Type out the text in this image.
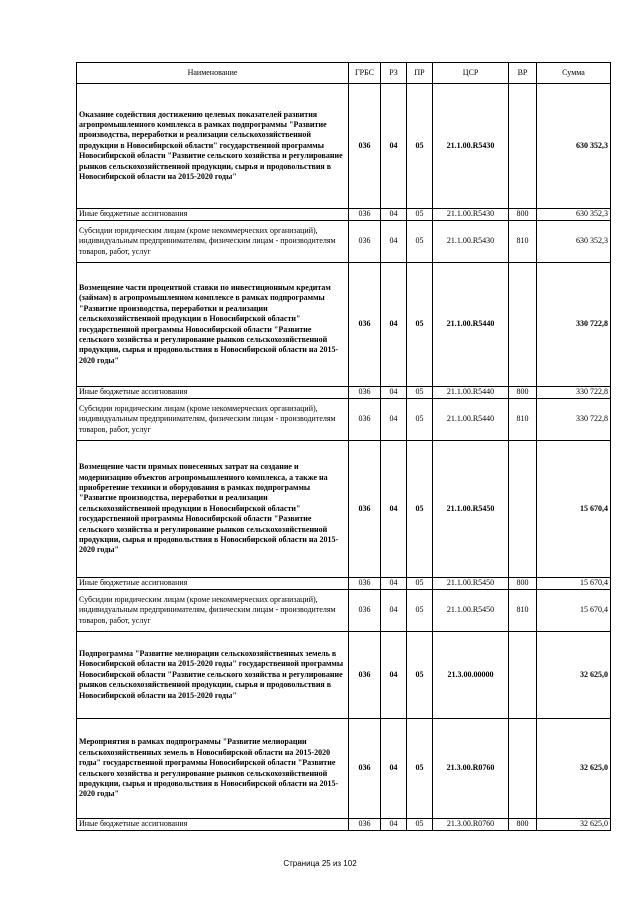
Наименование	ГРБС	РЗ	ПР	ЦСР	ВР	Сумма
Оказание содействия достижению целевых показателей развития агропромышленного комплекса в рамках подпрограммы "Развитие производства, переработки и реализации сельскохозяйственной продукции в Новосибирской области" государственной программы Новосибирской области "Развитие сельского хозяйства и регулирование рынков сельскохозяйственной продукции, сырья и продовольствия в Новосибирской области на 2015-2020 годы"	036	04	05	21.1.00.R5430		630 352,3
Иные бюджетные ассигнования	036	04	05	21.1.00.R5430	800	630 352,3
Субсидии юридическим лицам (кроме некоммерческих организаций), индивидуальным предпринимателям, физическим лицам - производителям товаров, работ, услуг	036	04	05	21.1.00.R5430	810	630 352,3
Возмещение части процентной ставки по инвестиционным кредитам (займам) в агропромышленном комплексе в рамках подпрограммы "Развитие производства, переработки и реализации сельскохозяйственной продукции в Новосибирской области" государственной программы Новосибирской области "Развитие сельского хозяйства и регулирование рынков сельскохозяйственной продукции, сырья и продовольствия в Новосибирской области на 2015-2020 годы"	036	04	05	21.1.00.R5440		330 722,8
Иные бюджетные ассигнования	036	04	05	21.1.00.R5440	800	330 722,8
Субсидии юридическим лицам (кроме некоммерческих организаций), индивидуальным предпринимателям, физическим лицам - производителям товаров, работ, услуг	036	04	05	21.1.00.R5440	810	330 722,8
Возмещение части прямых понесенных затрат на создание и модернизацию объектов агропромышленного комплекса, а также на приобретение техники и оборудования в рамках подпрограммы "Развитие производства, переработки и реализации сельскохозяйственной продукции в Новосибирской области" государственной программы Новосибирской области "Развитие сельского хозяйства и регулирование рынков сельскохозяйственной продукции, сырья и продовольствия в Новосибирской области на 2015-2020 годы"	036	04	05	21.1.00.R5450		15 670,4
Иные бюджетные ассигнования	036	04	05	21.1.00.R5450	800	15 670,4
Субсидии юридическим лицам (кроме некоммерческих организаций), индивидуальным предпринимателям, физическим лицам - производителям товаров, работ, услуг	036	04	05	21.1.00.R5450	810	15 670,4
Подпрограмма "Развитие мелиорации сельскохозяйственных земель в Новосибирской области на 2015-2020 годы" государственной программы Новосибирской области "Развитие сельского хозяйства и регулирование рынков сельскохозяйственной продукции, сырья и продовольствия в Новосибирской области на 2015-2020 годы"	036	04	05	21.3.00.00000		32 625,0
Мероприятия в рамках подпрограммы "Развитие мелиорации сельскохозяйственных земель в Новосибирской области на 2015-2020 годы" государственной программы Новосибирской области "Развитие сельского хозяйства и регулирование рынков сельскохозяйственной продукции, сырья и продовольствия в Новосибирской области на 2015-2020 годы"	036	04	05	21.3.00.R0760		32 625,0
Иные бюджетные ассигнования	036	04	05	21.3.00.R0760	800	32 625,0
Страница 25 из 102
